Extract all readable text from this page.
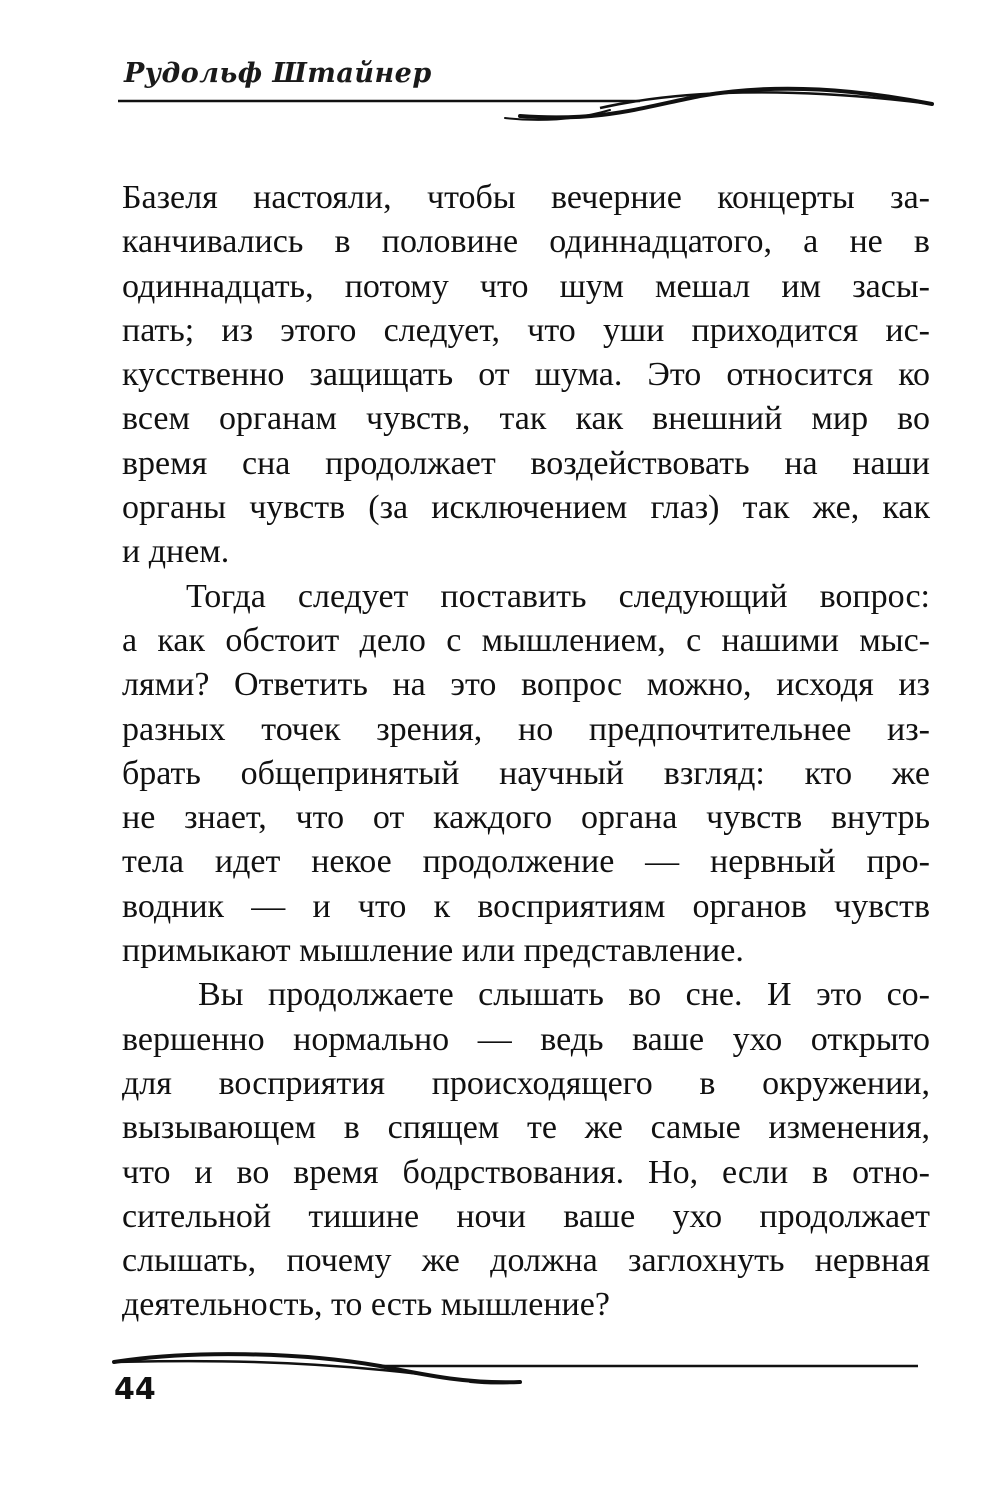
Рудольф Штайнер
Базеля настояли, чтобы вечерние концерты за-
канчивались в половине одиннадцатого, а не в
одиннадцать, потому что шум мешал им засы-
пать; из этого следует, что уши приходится ис-
кусственно защищать от шума. Это относится ко
всем органам чувств, так как внешний мир во
время сна продолжает воздействовать на наши
органы чувств (за исключением глаз) так же, как
и днем.
Тогда следует поставить следующий вопрос:
а как обстоит дело с мышлением, с нашими мыс-
лями? Ответить на это вопрос можно, исходя из
разных точек зрения, но предпочтительнее из-
брать общепринятый научный взгляд: кто же
не знает, что от каждого органа чувств внутрь
тела идет некое продолжение — нервный про-
водник — и что к восприятиям органов чувств
примыкают мышление или представление.
Вы продолжаете слышать во сне. И это со-
вершенно нормально — ведь ваше ухо открыто
для восприятия происходящего в окружении,
вызывающем в спящем те же самые изменения,
что и во время бодрствования. Но, если в отно-
сительной тишине ночи ваше ухо продолжает
слышать, почему же должна заглохнуть нервная
деятельность, то есть мышление?
44
